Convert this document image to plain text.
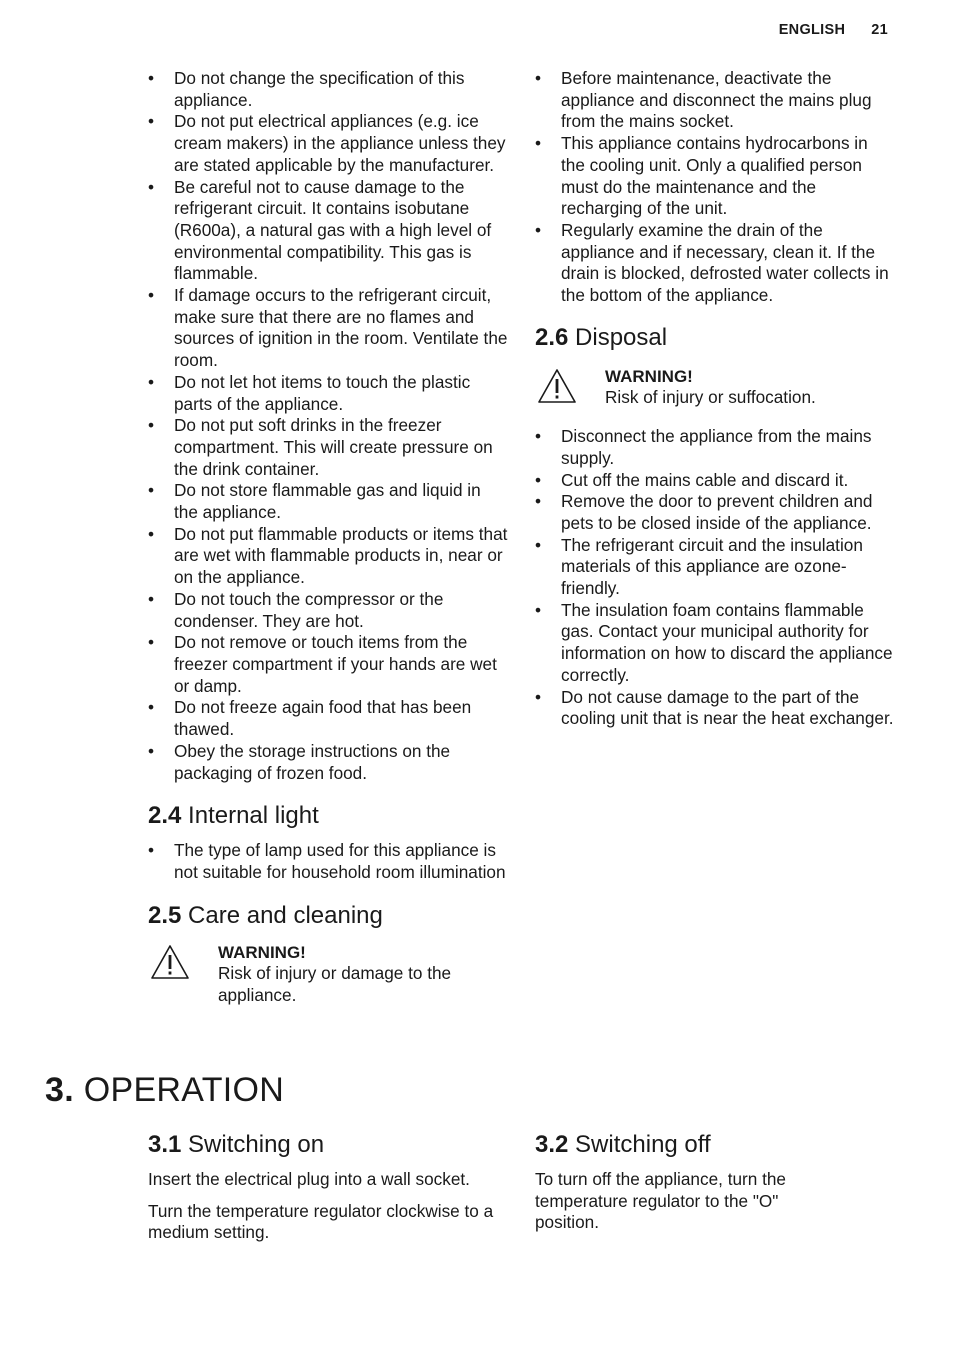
ENGLISH 21
• Do not change the specification of this appliance.
• Do not put electrical appliances (e.g. ice cream makers) in the appliance unless they are stated applicable by the manufacturer.
• Be careful not to cause damage to the refrigerant circuit. It contains isobutane (R600a), a natural gas with a high level of environmental compatibility. This gas is flammable.
• If damage occurs to the refrigerant circuit, make sure that there are no flames and sources of ignition in the room. Ventilate the room.
• Do not let hot items to touch the plastic parts of the appliance.
• Do not put soft drinks in the freezer compartment. This will create pressure on the drink container.
• Do not store flammable gas and liquid in the appliance.
• Do not put flammable products or items that are wet with flammable products in, near or on the appliance.
• Do not touch the compressor or the condenser. They are hot.
• Do not remove or touch items from the freezer compartment if your hands are wet or damp.
• Do not freeze again food that has been thawed.
• Obey the storage instructions on the packaging of frozen food.
2.4 Internal light
• The type of lamp used for this appliance is not suitable for household room illumination
2.5 Care and cleaning
WARNING!
Risk of injury or damage to the appliance.
• Before maintenance, deactivate the appliance and disconnect the mains plug from the mains socket.
• This appliance contains hydrocarbons in the cooling unit. Only a qualified person must do the maintenance and the recharging of the unit.
• Regularly examine the drain of the appliance and if necessary, clean it. If the drain is blocked, defrosted water collects in the bottom of the appliance.
2.6 Disposal
WARNING!
Risk of injury or suffocation.
• Disconnect the appliance from the mains supply.
• Cut off the mains cable and discard it.
• Remove the door to prevent children and pets to be closed inside of the appliance.
• The refrigerant circuit and the insulation materials of this appliance are ozone-friendly.
• The insulation foam contains flammable gas. Contact your municipal authority for information on how to discard the appliance correctly.
• Do not cause damage to the part of the cooling unit that is near the heat exchanger.
3. OPERATION
3.1 Switching on

Insert the electrical plug into a wall socket.

Turn the temperature regulator clockwise to a medium setting.

3.2 Switching off

To turn off the appliance, turn the temperature regulator to the "O" position.
